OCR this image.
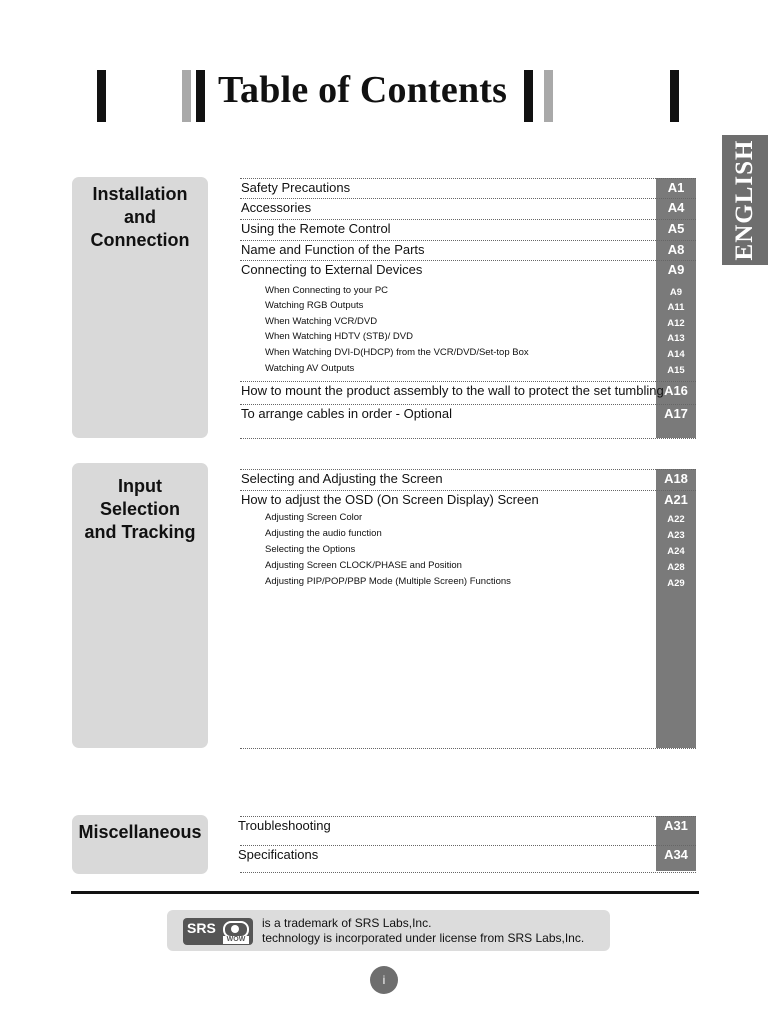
Table of Contents
ENGLISH
Installation
and
Connection
Input
Selection
and Tracking
Miscellaneous
Safety Precautions	A1
Accessories	A4
Using the Remote Control	A5
Name and Function of the Parts	A8
Connecting to External Devices	A9
When Connecting to your PC	A9
Watching RGB Outputs	A11
When Watching VCR/DVD	A12
When Watching HDTV (STB)/ DVD	A13
When Watching DVI-D(HDCP) from the VCR/DVD/Set-top Box	A14
Watching AV Outputs	A15
How to mount the product assembly to the wall to protect the set tumbling A16
To arrange cables in order - Optional	A17
Selecting and Adjusting the Screen	A18
How to adjust the OSD (On Screen Display) Screen	A21
Adjusting Screen Color	A22
Adjusting the audio function	A23
Selecting the Options	A24
Adjusting Screen CLOCK/PHASE and Position	A28
Adjusting PIP/POP/PBP Mode (Multiple Screen) Functions	A29
Troubleshooting	A31
Specifications	A34
SRS
WOW
is a trademark of SRS Labs,Inc.
technology is incorporated under license from SRS Labs,Inc.
i
